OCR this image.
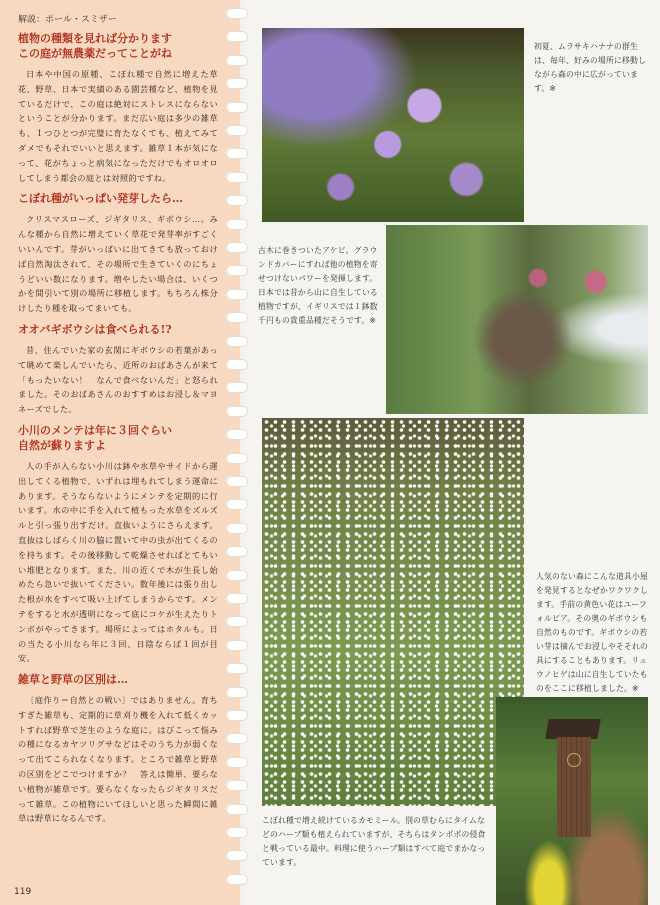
解説：ポール・スミザー
植物の種類を見れば分かります
この庭が無農薬だってことがね

日本や中国の原種、こぼれ種で自然に増えた草花、野草、日本で実績のある園芸種など、植物を見ているだけで、この庭は絶対にストレスにならないということが分かります。まだ広い庭は多少の雑草も、１つひとつが完璧に育たなくても、植えてみてダメでもそれでいいと思えます。雑草１本が気になって、花がちょっと病気になっただけでもオロオロしてしまう都会の庭とは対照的ですね。

こぼれ種がいっぱい発芽したら…

クリスマスローズ、ジギタリス、ギボウシ…。みんな種から自然に増えていく草花で発芽率がすごくいいんです。芽がいっぱいに出てきても放っておけば自然淘汰されて、その場所で生きていくのにちょうどいい数になります。増やしたい場合は、いくつかを間引いて別の場所に移植します。もちろん株分けしたり種を取ってまいても。

オオバギボウシは食べられる!?

昔、住んでいた家の玄関にギボウシの若葉があって眺めて楽しんでいたら、近所のおばあさんが来て「もったいない！　なんで食べないんだ」と怒られました。そのおばあさんのおすすめはお浸し＆マヨネーズでした。

小川のメンテは年に３回ぐらい
自然が蘇りますよ

人の手が入らない小川は鉢や水草やサイドから運出してくる植物で、いずれは埋もれてしまう運命にあります。そうならないようにメンテを定期的に行います。水の中に手を入れて植もった水草をズルズルと引っ張り出すだけ。直抜いようにさらえます。直抜はしばらく川の脇に置いて中の虫が出てくるのを持ちます。その後移動して乾燥させればとてもいい堆肥となります。また、川の近くで木が生長し始めたら急いで抜いてください。数年後には張り出した根が水をすべて吸い上げてしまうからです。メンテをすると水が透明になって底にコケが生えたりトンボがやってきます。場所によってはホタルも。日の当たる小川なら年に３回、日陰ならば１回が目安。

雑草と野草の区別は…

〔庭作り＝自然との戦い〕ではありません。育ちすぎた雑草も、定期的に草刈り機を入れて低くカットすれば野草で芝生のような庭に。はびこって悩みの種になるカヤツリグサなどはそのうち力が弱くなって出てこられなくなります。ところで雑草と野草の区別をどこでつけますか？　答えは簡単、要らない植物が雑草です。要らなくなったらジギタリスだって雑草。この植物にいてほしいと思った瞬間に雑草は野草になるんです。

119
初夏、ムラサキハナナの群生は、毎年、好みの場所に移動しながら森の中に広がっています。※
古木に巻きついたアケビ。グラウンドカバーにすれば他の植物を寄せつけないパワーを発揮します。日本では昔から山に自生している植物ですが、イギリスでは１鉢数千円もの貴重品種だそうです。※
こぼれ種で増え続けているカモミール。別の草むらにタイムなどのハーブ類も植えられていますが、そちらはタンポポの侵食と戦っている最中。料理に使うハーブ類はすべて庭でまかなっています。
人気のない森にこんな道具小屋を発見するとなぜかワクワクします。手前の黄色い花はユーフォルビア。その奥のギボウシも自然のものです。ギボウシの若い芽は摘んでお浸しやそそれの具にすることもあります。リュウノヒゲは山に自生していたものをここに移植しました。※
